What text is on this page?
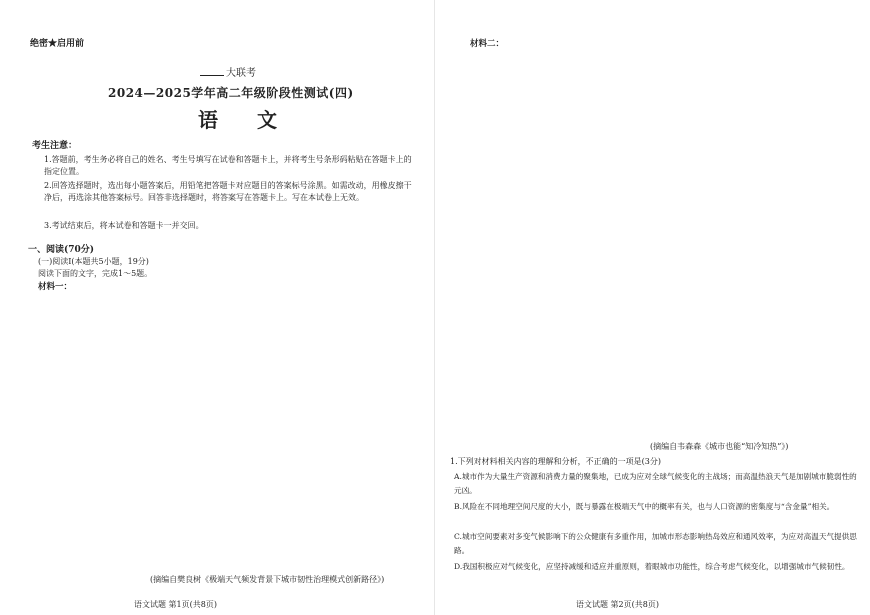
绝密★启用前
大联考
2024—2025学年高二年级阶段性测试(四)
语 文
考生注意：
1.答题前，考生务必将自己的姓名、考生号填写在试卷和答题卡上，并将考生号条形码粘贴在答题卡上的指定位置。
2.回答选择题时，选出每小题答案后，用铅笔把答题卡对应题目的答案标号涂黑。如需改动，用橡皮擦干净后，再选涂其他答案标号。回答非选择题时，将答案写在答题卡上。写在本试卷上无效。
3.考试结束后，将本试卷和答题卡一并交回。
一、阅读(70分)
(一)阅读Ⅰ(本题共5小题，19分)
阅读下面的文字，完成1～5题。
材料一：
(摘编自樊良树《极端天气频发背景下城市韧性治理模式创新路径》)
语文试题 第1页(共8页)
材料二：
(摘编自韦森森《城市也能“知冷知热”》)
1.下列对材料相关内容的理解和分析，不正确的一项是(3分)
A.城市作为大量生产资源和消费力量的聚集地，已成为应对全球气候变化的主战场；而高温热浪天气是加剧城市脆弱性的元凶。
B.风险在不同地理空间尺度的大小，既与暴露在极端天气中的概率有关，也与人口资源的密集度与“含金量”相关。
C.城市空间要素对多变气候影响下的公众健康有多重作用，加城市形态影响热岛效应和通风效率，为应对高温天气提供思路。
D.我国积极应对气候变化，应坚持减缓和适应并重原则，着眼城市功能性，综合考虑气候变化，以增强城市气候韧性。
语文试题 第2页(共8页)
